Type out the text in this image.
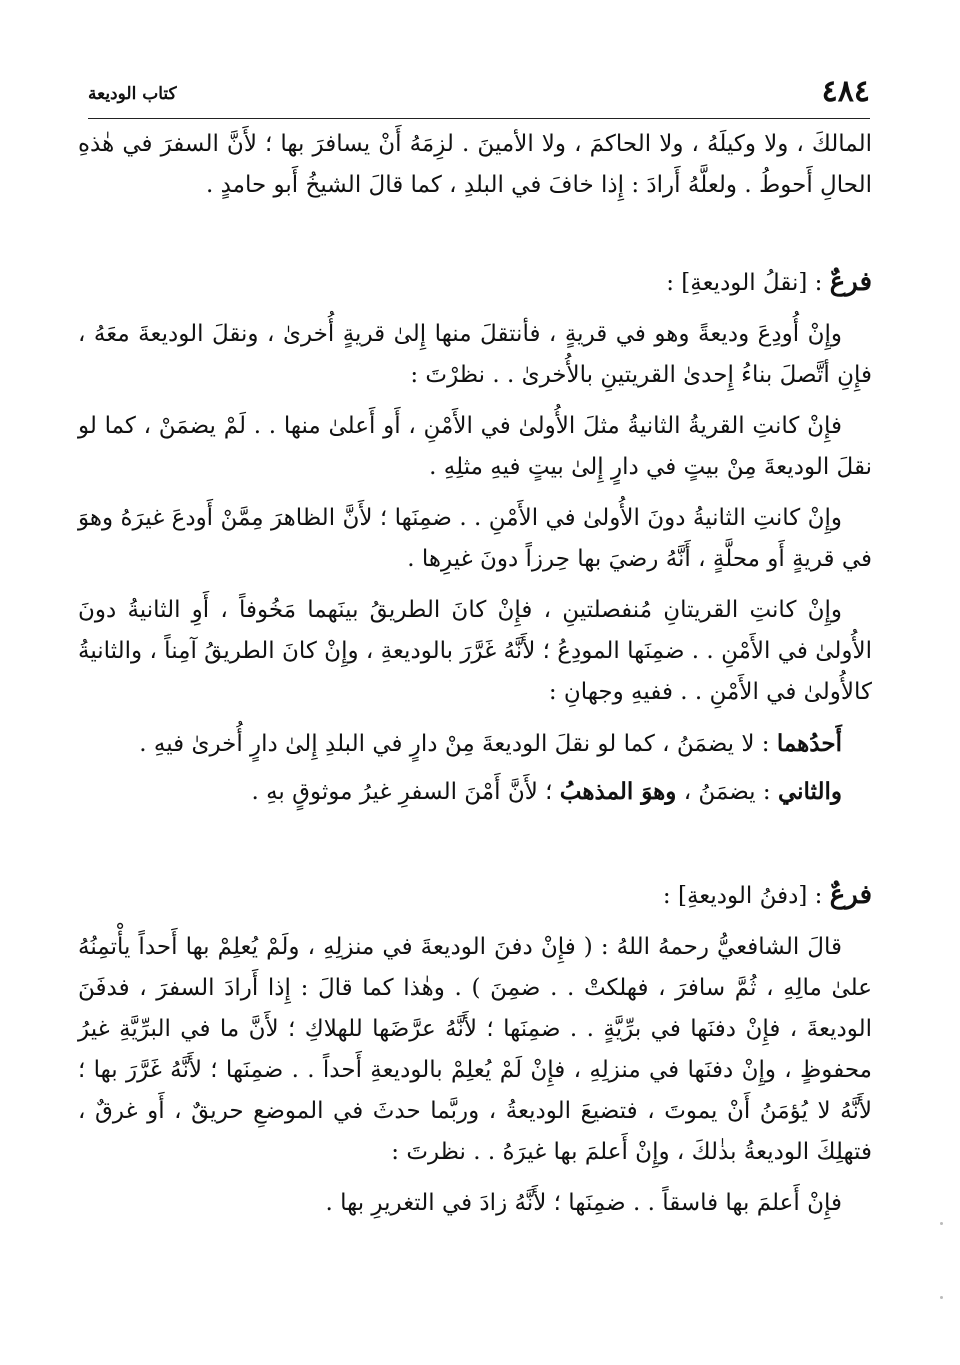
٤٨٤
كتاب الوديعة

المالكَ ، ولا وكيلَهُ ، ولا الحاكمَ ، ولا الأمينَ . لزِمَهُ أَنْ يسافرَ بها ؛ لأَنَّ السفرَ في هٰذهِ الحالِ أَحوطُ . ولعلَّهُ أَرادَ : إِذا خافَ في البلدِ ، كما قالَ الشيخُ أَبو حامدٍ .

فرعٌ : [نقلُ الوديعةِ] :

وإِنْ أُودِعَ وديعةً وهو في قريةٍ ، فأنتقلَ منها إِلىٰ قريةٍ أُخرىٰ ، ونقلَ الوديعةَ معَهُ ، فإِنِ أتَّصلَ بناءُ إِحدىٰ القريتينِ بالأُخرىٰ . . نظرْتَ :

فإِنْ كانتِ القريةُ الثانيةُ مثلَ الأُولىٰ في الأَمْنِ ، أَو أَعلىٰ منها . . لَمْ يضمَنْ ، كما لو نقلَ الوديعةَ مِنْ بيتٍ في دارٍ إِلىٰ بيتٍ فيهِ مثلِهِ .

وإِنْ كانتِ الثانيةُ دونَ الأُولىٰ في الأَمْنِ . . ضمِنَها ؛ لأَنَّ الظاهرَ مِمَّنْ أَودعَ غيرَهُ وهوَ في قريةٍ أَو محلَّةٍ ، أَنَّهُ رضيَ بها حِرزاً دونَ غيرِها .

وإِنْ كانتِ القريتانِ مُنفصلتينِ ، فإِنْ كانَ الطريقُ بينَهما مَخُوفاً ، أَوِ الثانيةُ دونَ الأُولىٰ في الأَمْنِ . . ضمِنَها المودِعُ ؛ لأَنَّهُ غَرَّرَ بالوديعةِ ، وإِنْ كانَ الطريقُ آمِناً ، والثانيةُ كالأُولىٰ في الأَمْنِ . . ففيهِ وجهانِ :

أَحدُهما : لا يضمَنُ ، كما لو نقلَ الوديعةَ مِنْ دارٍ في البلدِ إِلىٰ دارٍ أُخرىٰ فيهِ .

والثاني : يضمَنُ ، وهوَ المذهبُ ؛ لأَنَّ أَمْنَ السفرِ غيرُ موثوقٍ بهِ .

فرعٌ : [دفنُ الوديعةِ] :

قالَ الشافعيُّ رحمهُ اللهُ : ( فإِنْ دفنَ الوديعةَ في منزلِهِ ، ولَمْ يُعلِمْ بها أَحداً يأْتمِنُهُ علىٰ مالِهِ ، ثُمَّ سافرَ ، فهلكتْ . . ضمِنَ ) . وهٰذا كما قالَ : إِذا أَرادَ السفرَ ، فدفَنَ الوديعةَ ، فإِنْ دفنَها في برِّيَّةٍ . . ضمِنَها ؛ لأَنَّهُ عرَّضَها للهلاكِ ؛ لأَنَّ ما في البرِّيَّةِ غيرُ محفوظٍ ، وإِنْ دفنَها في منزلِهِ ، فإِنْ لَمْ يُعلِمْ بالوديعةِ أَحداً . . ضمِنَها ؛ لأَنَّهُ غَرَّرَ بها ؛ لأَنَّهُ لا يُؤمَنُ أَنْ يموتَ ، فتضيعَ الوديعةُ ، وربَّما حدثَ في الموضعِ حريقٌ ، أَو غرقٌ ، فتهلِكَ الوديعةُ بذٰلكَ ، وإِنْ أَعلمَ بها غيرَهُ . . نظرتَ :

فإِنْ أَعلمَ بها فاسقاً . . ضمِنَها ؛ لأَنَّهُ زادَ في التغريرِ بها .
